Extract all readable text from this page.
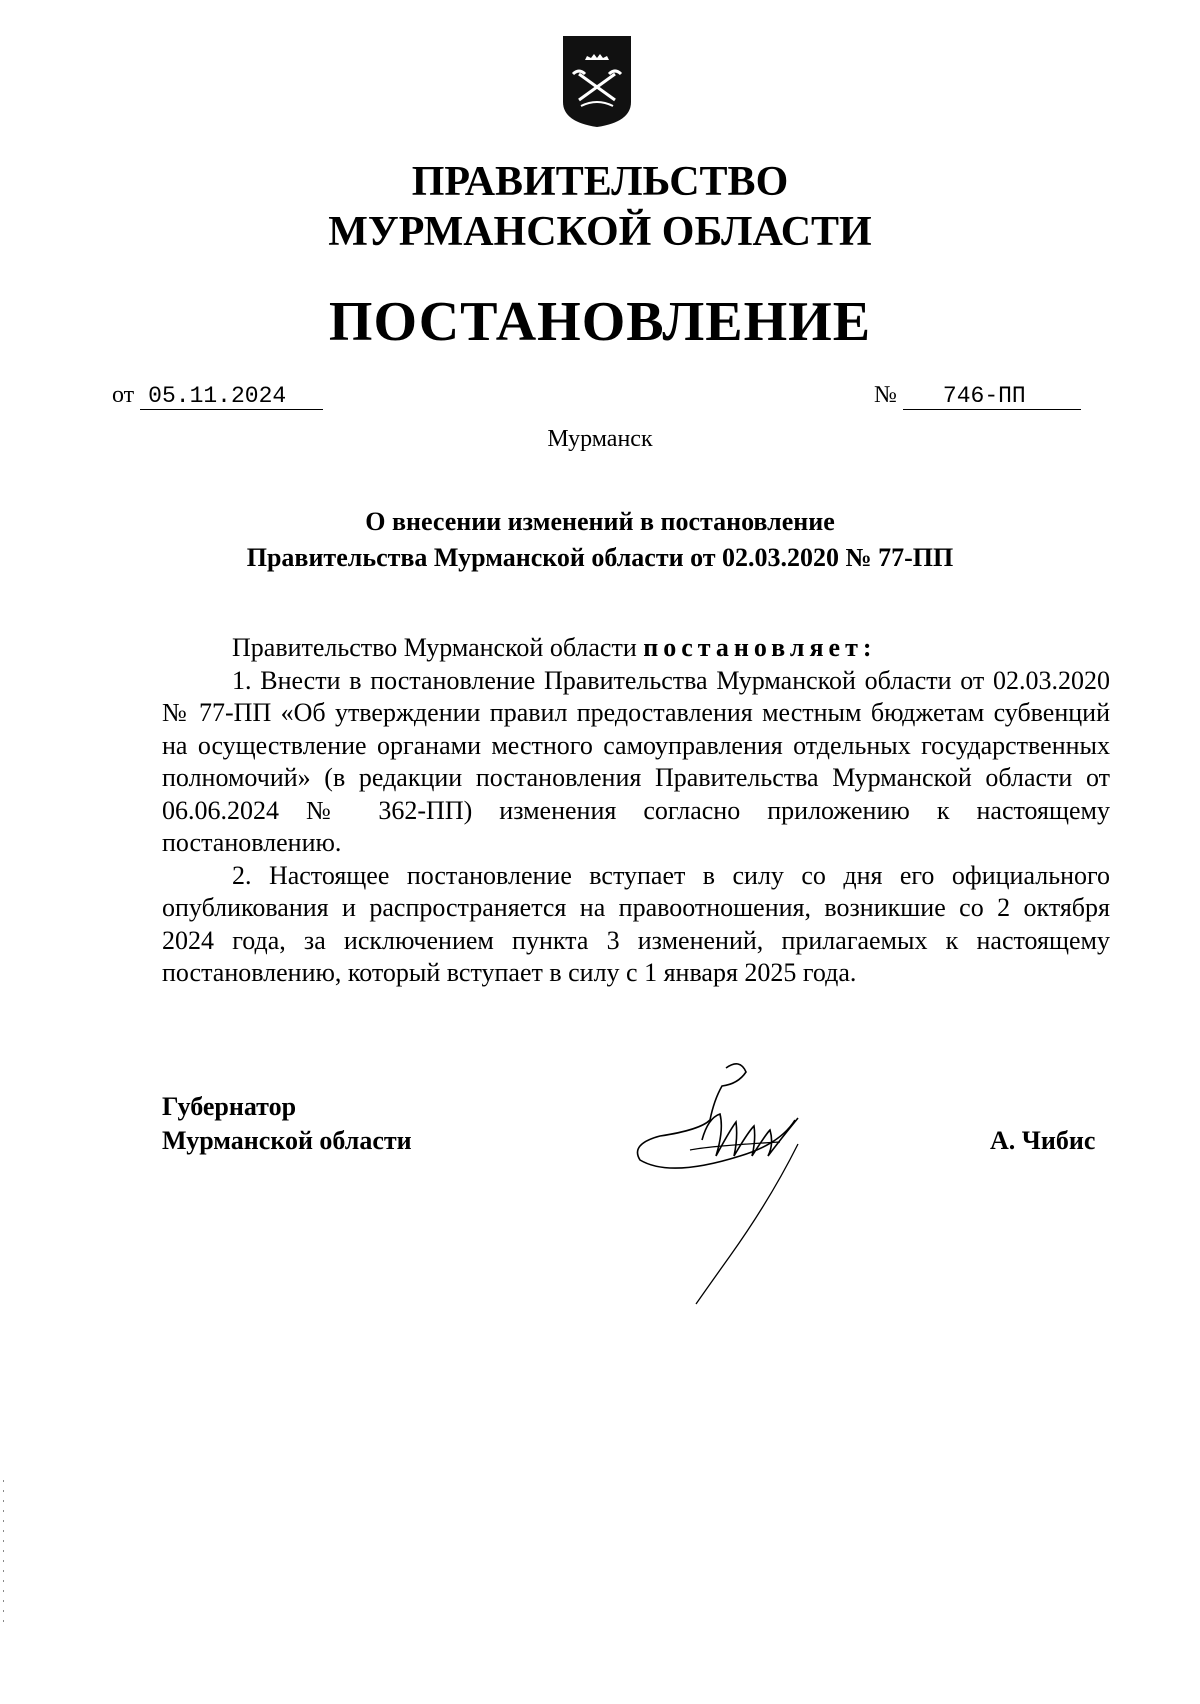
ПРАВИТЕЛЬСТВО
МУРМАНСКОЙ ОБЛАСТИ
ПОСТАНОВЛЕНИЕ
от 05.11.2024	№ 746-ПП
Мурманск
О внесении изменений в постановление
Правительства Мурманской области от 02.03.2020 № 77-ПП

Правительство Мурманской области постановляет:

1. Внести в постановление Правительства Мурманской области от 02.03.2020 № 77-ПП «Об утверждении правил предоставления местным бюджетам субвенций на осуществление органами местного самоуправления отдельных государственных полномочий» (в редакции постановления Правительства Мурманской области от 06.06.2024 № 362-ПП) изменения согласно приложению к настоящему постановлению.

2. Настоящее постановление вступает в силу со дня его официального опубликования и распространяется на правоотношения, возникшие со 2 октября 2024 года, за исключением пункта 3 изменений, прилагаемых к настоящему постановлению, который вступает в силу с 1 января 2025 года.

Губернатор
Мурманской области	А. Чибис
